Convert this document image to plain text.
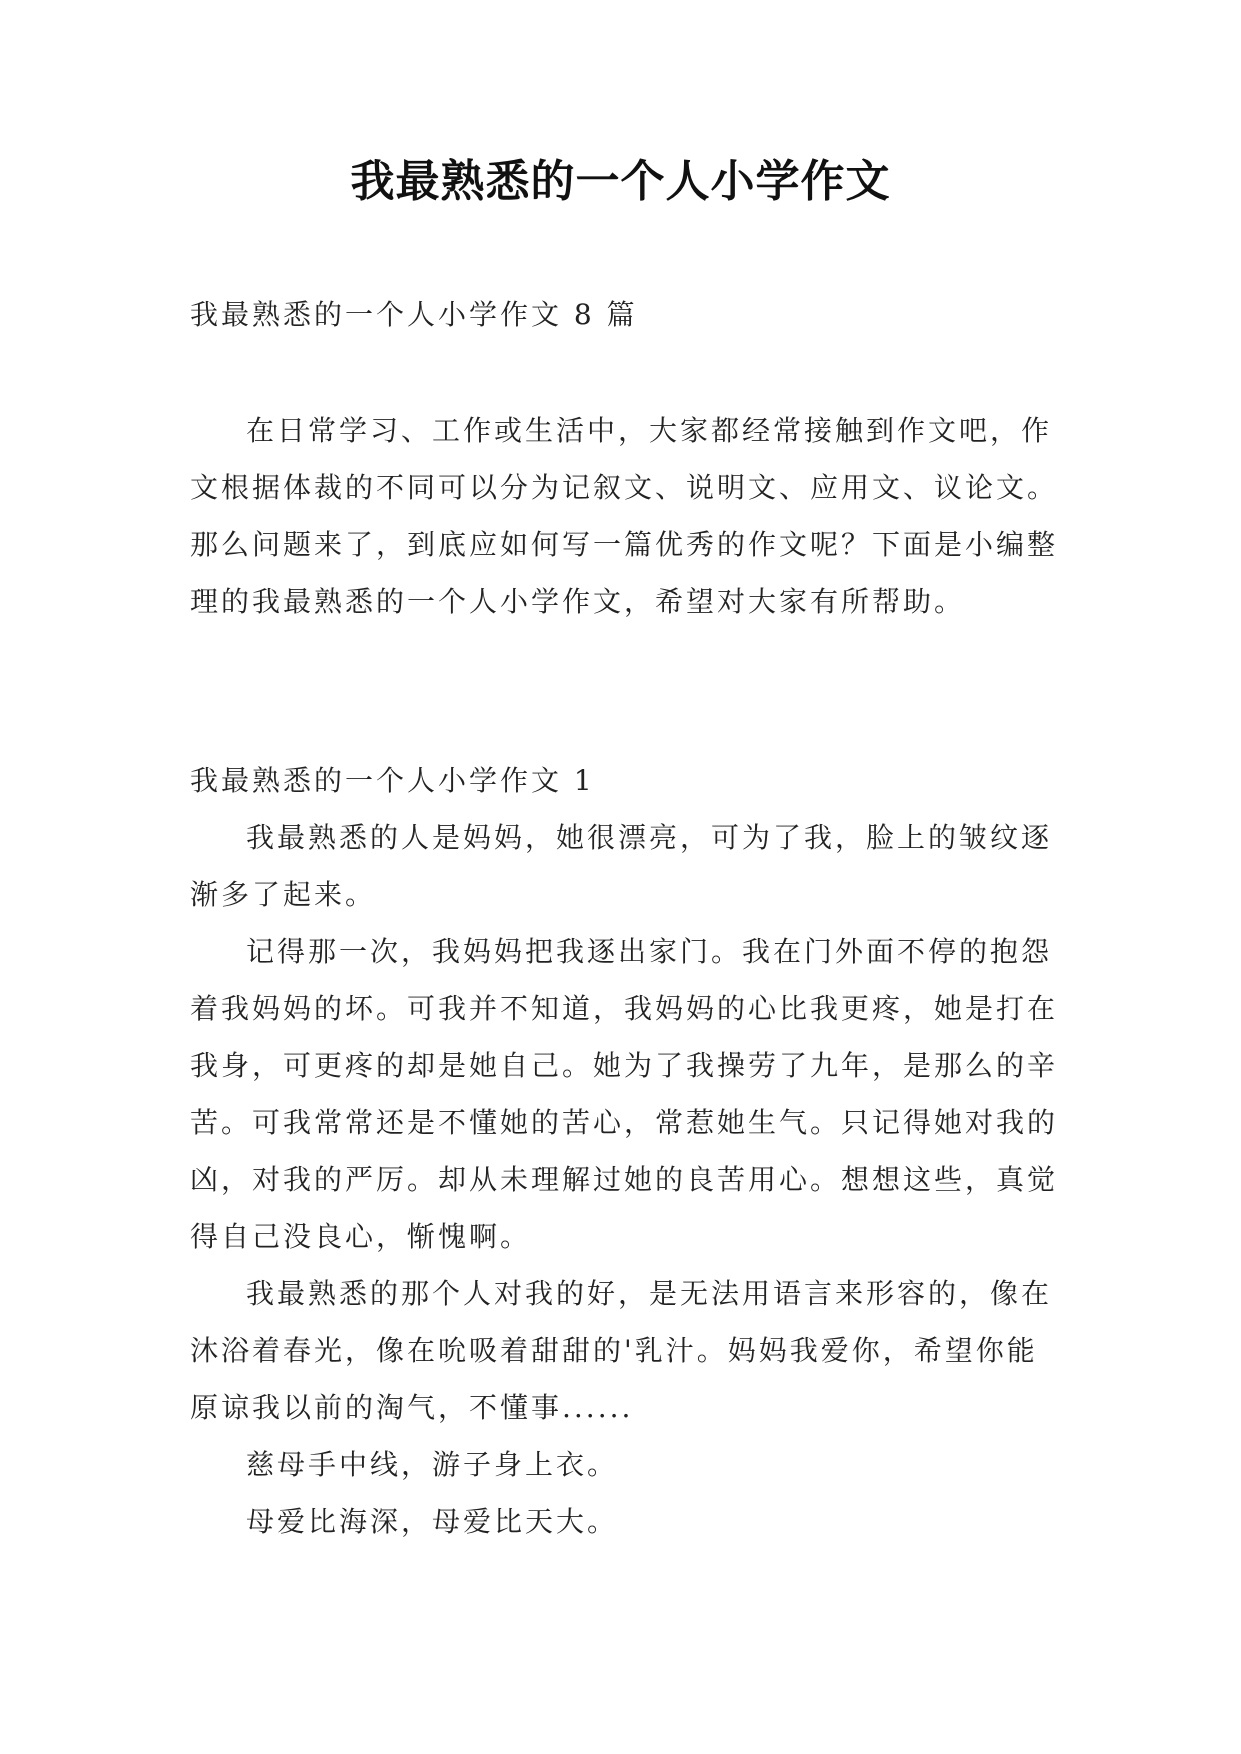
我最熟悉的一个人小学作文
我最熟悉的一个人小学作文 8 篇

在日常学习、工作或生活中，大家都经常接触到作文吧，作文根据体裁的不同可以分为记叙文、说明文、应用文、议论文。那么问题来了，到底应如何写一篇优秀的作文呢？下面是小编整理的我最熟悉的一个人小学作文，希望对大家有所帮助。

我最熟悉的一个人小学作文 1

我最熟悉的人是妈妈，她很漂亮，可为了我，脸上的皱纹逐渐多了起来。

记得那一次，我妈妈把我逐出家门。我在门外面不停的抱怨着我妈妈的坏。可我并不知道，我妈妈的心比我更疼，她是打在我身，可更疼的却是她自己。她为了我操劳了九年，是那么的辛苦。可我常常还是不懂她的苦心，常惹她生气。只记得她对我的凶，对我的严厉。却从未理解过她的良苦用心。想想这些，真觉得自己没良心，惭愧啊。

我最熟悉的那个人对我的好，是无法用语言来形容的，像在沐浴着春光，像在吮吸着甜甜的'乳汁。妈妈我爱你，希望你能原谅我以前的淘气，不懂事......

慈母手中线，游子身上衣。

母爱比海深，母爱比天大。
